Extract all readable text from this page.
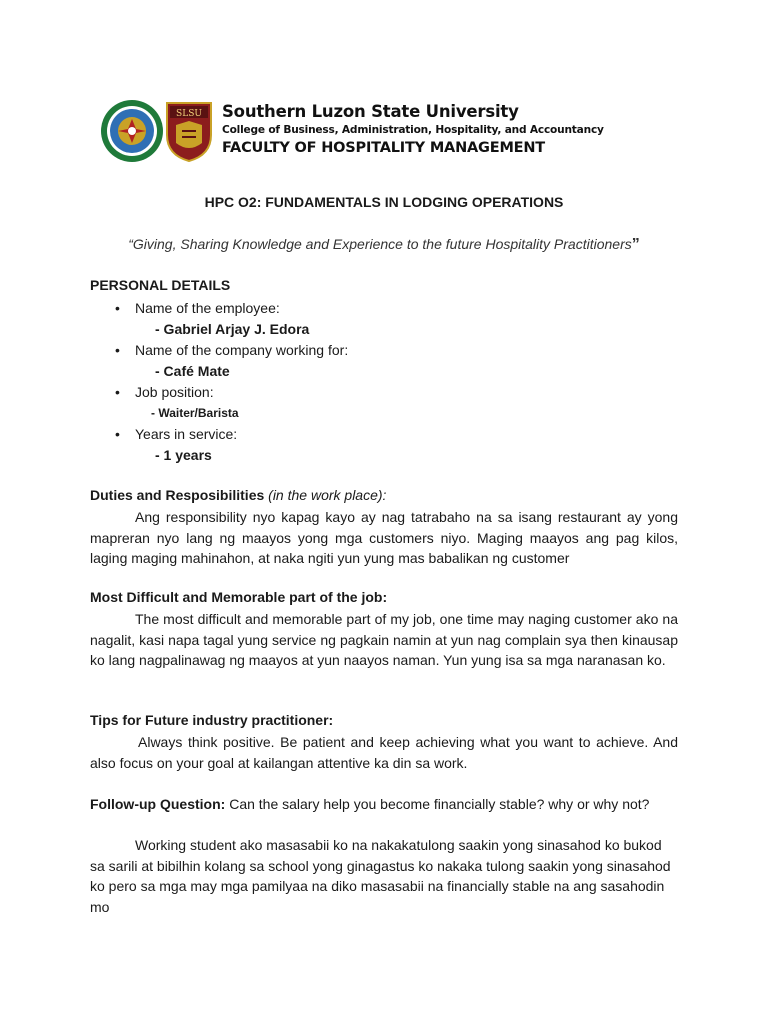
SLSU Southern Luzon State University
College of Business, Administration, Hospitality, and Accountancy
FACULTY OF HOSPITALITY MANAGEMENT
HPC O2: FUNDAMENTALS IN LODGING OPERATIONS
“Giving, Sharing Knowledge and Experience to the future Hospitality Practitioners”
PERSONAL DETAILS
• Name of the employee:
- Gabriel Arjay J. Edora
• Name of the company working for:
- Café Mate
• Job position:
- Waiter/Barista
• Years in service:
- 1 years
Duties and Resposibilities (in the work place):
Ang responsibility nyo kapag kayo ay nag tatrabaho na sa isang restaurant ay yong mapreran nyo lang ng maayos yong mga customers niyo. Maging maayos ang pag kilos, laging maging mahinahon, at naka ngiti yun yung mas babalikan ng customer
Most Difficult and Memorable part of the job:
The most difficult and memorable part of my job, one time may naging customer ako na nagalit, kasi napa tagal yung service ng pagkain namin at yun nag complain sya then kinausap ko lang nagpalinawag ng maayos at yun naayos naman. Yun yung isa sa mga naranasan ko.
Tips for Future industry practitioner:
Always think positive. Be patient and keep achieving what you want to achieve. And also focus on your goal at kailangan attentive ka din sa work.
Follow-up Question: Can the salary help you become financially stable? why or why not?
Working student ako masasabii ko na nakakatulong saakin yong sinasahod ko bukod sa sarili at bibilhin kolang sa school yong ginagastus ko nakaka tulong saakin yong sinasahod ko pero sa mga may mga pamilyaa na diko masasabii na financially stable na ang sasahodin mo
